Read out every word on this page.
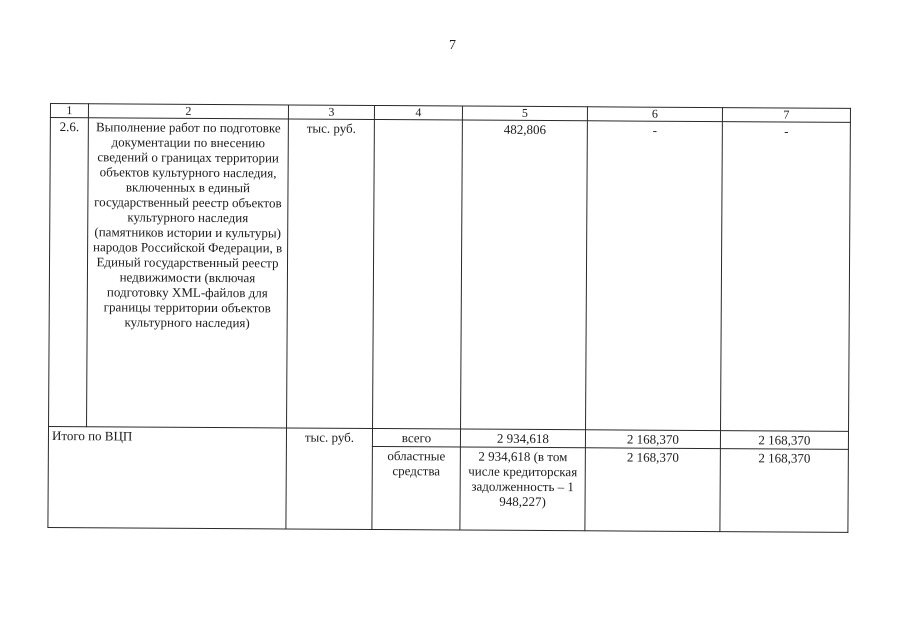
7
1	2	3	4	5	6	7
2.6.	Выполнение работ по подготовке документации по внесению сведений о границах территории объектов культурного наследия, включенных в единый государственный реестр объектов культурного наследия (памятников истории и культуры) народов Российской Федерации, в Единый государственный реестр недвижимости (включая подготовку XML-файлов для границы территории объектов культурного наследия)	тыс. руб.		482,806	-	-
Итого по ВЦП		тыс. руб.	всего	2 934,618	2 168,370	2 168,370
			областные средства	2 934,618 (в том числе кредиторская задолженность – 1 948,227)	2 168,370	2 168,370
